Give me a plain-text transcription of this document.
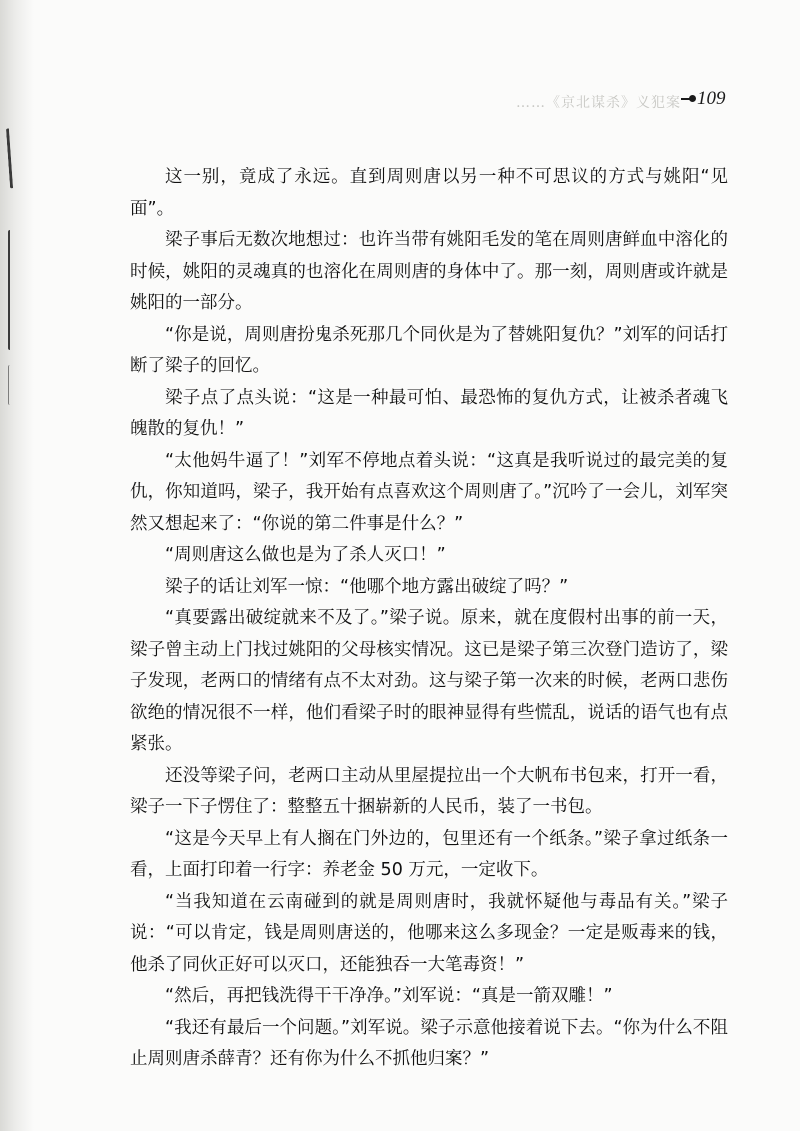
……《京北谋杀》义犯案 109

这一别，竟成了永远。直到周则唐以另一种不可思议的方式与姚阳“见面”。

梁子事后无数次地想过：也许当带有姚阳毛发的笔在周则唐鲜血中溶化的时候，姚阳的灵魂真的也溶化在周则唐的身体中了。那一刻，周则唐或许就是姚阳的一部分。

“你是说，周则唐扮鬼杀死那几个同伙是为了替姚阳复仇？”刘军的问话打断了梁子的回忆。

梁子点了点头说：“这是一种最可怕、最恐怖的复仇方式，让被杀者魂飞魄散的复仇！”

“太他妈牛逼了！”刘军不停地点着头说：“这真是我听说过的最完美的复仇，你知道吗，梁子，我开始有点喜欢这个周则唐了。”沉吟了一会儿，刘军突然又想起来了：“你说的第二件事是什么？”

“周则唐这么做也是为了杀人灭口！”

梁子的话让刘军一惊：“他哪个地方露出破绽了吗？”

“真要露出破绽就来不及了。”梁子说。原来，就在度假村出事的前一天，梁子曾主动上门找过姚阳的父母核实情况。这已是梁子第三次登门造访了，梁子发现，老两口的情绪有点不太对劲。这与梁子第一次来的时候，老两口悲伤欲绝的情况很不一样，他们看梁子时的眼神显得有些慌乱，说话的语气也有点紧张。

还没等梁子问，老两口主动从里屋提拉出一个大帆布书包来，打开一看，梁子一下子愣住了：整整五十捆崭新的人民币，装了一书包。

“这是今天早上有人搁在门外边的，包里还有一个纸条。”梁子拿过纸条一看，上面打印着一行字：养老金 50 万元，一定收下。

“当我知道在云南碰到的就是周则唐时，我就怀疑他与毒品有关。”梁子说：“可以肯定，钱是周则唐送的，他哪来这么多现金？一定是贩毒来的钱，他杀了同伙正好可以灭口，还能独吞一大笔毒资！”

“然后，再把钱洗得干干净净。”刘军说：“真是一箭双雕！”

“我还有最后一个问题。”刘军说。梁子示意他接着说下去。“你为什么不阻止周则唐杀薛青？还有你为什么不抓他归案？”
